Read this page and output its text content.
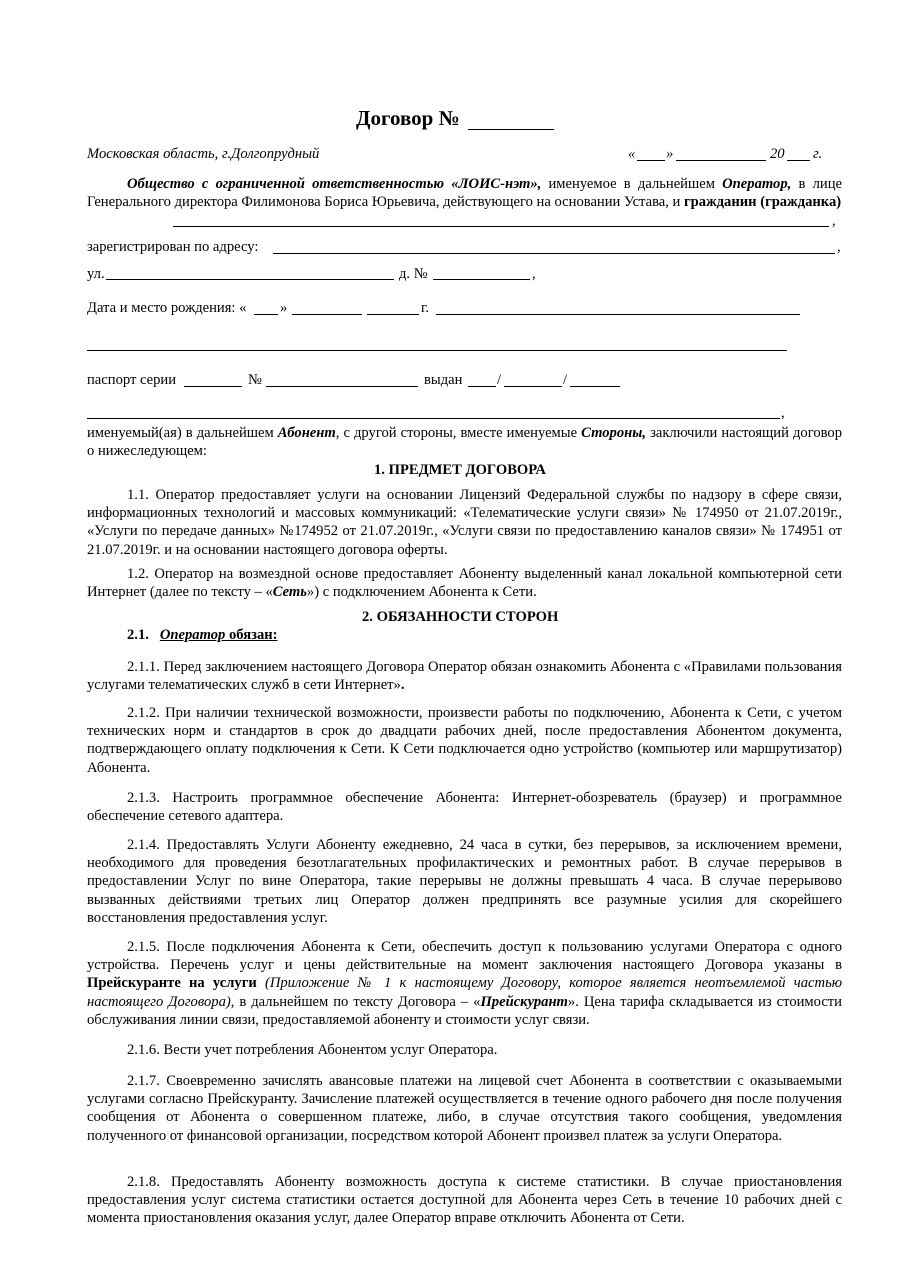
Договор №
Московская область, г.Долгопрудный	« »	20 г.

Общество с ограниченной ответственностью «ЛОИС-нэт», именуемое в дальнейшем Оператор, в лице Генерального директора Филимонова Бориса Юрьевича, действующего на основании Устава, и гражданин (гражданка)

,
зарегистрирован по адресу:	,
ул.	д. №	,
Дата и место рождения: « »	г.
паспорт серии	№	выдан /	/
,

именуемый(ая) в дальнейшем Абонент, с другой стороны, вместе именуемые Стороны, заключили настоящий договор о нижеследующем:

1. ПРЕДМЕТ ДОГОВОРА

1.1. Оператор предоставляет услуги на основании Лицензий Федеральной службы по надзору в сфере связи, информационных технологий и массовых коммуникаций: «Телематические услуги связи» № 174950 от 21.07.2019г., «Услуги по передаче данных» №174952 от 21.07.2019г., «Услуги связи по предоставлению каналов связи» № 174951 от 21.07.2019г. и на основании настоящего договора оферты.

1.2. Оператор на возмездной основе предоставляет Абоненту выделенный канал локальной компьютерной сети Интернет (далее по тексту – «Сеть») с подключением Абонента к Сети.

2. ОБЯЗАННОСТИ СТОРОН
2.1. Оператор обязан:

2.1.1. Перед заключением настоящего Договора Оператор обязан ознакомить Абонента с «Правилами пользования услугами телематических служб в сети Интернет».

2.1.2. При наличии технической возможности, произвести работы по подключению, Абонента к Сети, с учетом технических норм и стандартов в срок до двадцати рабочих дней, после предоставления Абонентом документа, подтверждающего оплату подключения к Сети. К Сети подключается одно устройство (компьютер или маршрутизатор) Абонента.

2.1.3. Настроить программное обеспечение Абонента: Интернет-обозреватель (браузер) и программное обеспечение сетевого адаптера.

2.1.4. Предоставлять Услуги Абоненту ежедневно, 24 часа в сутки, без перерывов, за исключением времени, необходимого для проведения безотлагательных профилактических и ремонтных работ. В случае перерывов в предоставлении Услуг по вине Оператора, такие перерывы не должны превышать 4 часа. В случае перерывово вызванных действиями третьих лиц Оператор должен предпринять все разумные усилия для скорейшего восстановления предоставления услуг.

2.1.5. После подключения Абонента к Сети, обеспечить доступ к пользованию услугами Оператора с одного устройства. Перечень услуг и цены действительные на момент заключения настоящего Договора указаны в Прейскуранте на услуги (Приложение № 1 к настоящему Договору, которое является неотъемлемой частью настоящего Договора), в дальнейшем по тексту Договора – «Прейскурант». Цена тарифа складывается из стоимости обслуживания линии связи, предоставляемой абоненту и стоимости услуг связи.

2.1.6. Вести учет потребления Абонентом услуг Оператора.

2.1.7. Своевременно зачислять авансовые платежи на лицевой счет Абонента в соответствии с оказываемыми услугами согласно Прейскуранту. Зачисление платежей осуществляется в течение одного рабочего дня после получения сообщения от Абонента о совершенном платеже, либо, в случае отсутствия такого сообщения, уведомления полученного от финансовой организации, посредством которой Абонент произвел платеж за услуги Оператора.

2.1.8. Предоставлять Абоненту возможность доступа к системе статистики. В случае приостановления предоставления услуг система статистики остается доступной для Абонента через Сеть в течение 10 рабочих дней с момента приостановления оказания услуг, далее Оператор вправе отключить Абонента от Сети.
